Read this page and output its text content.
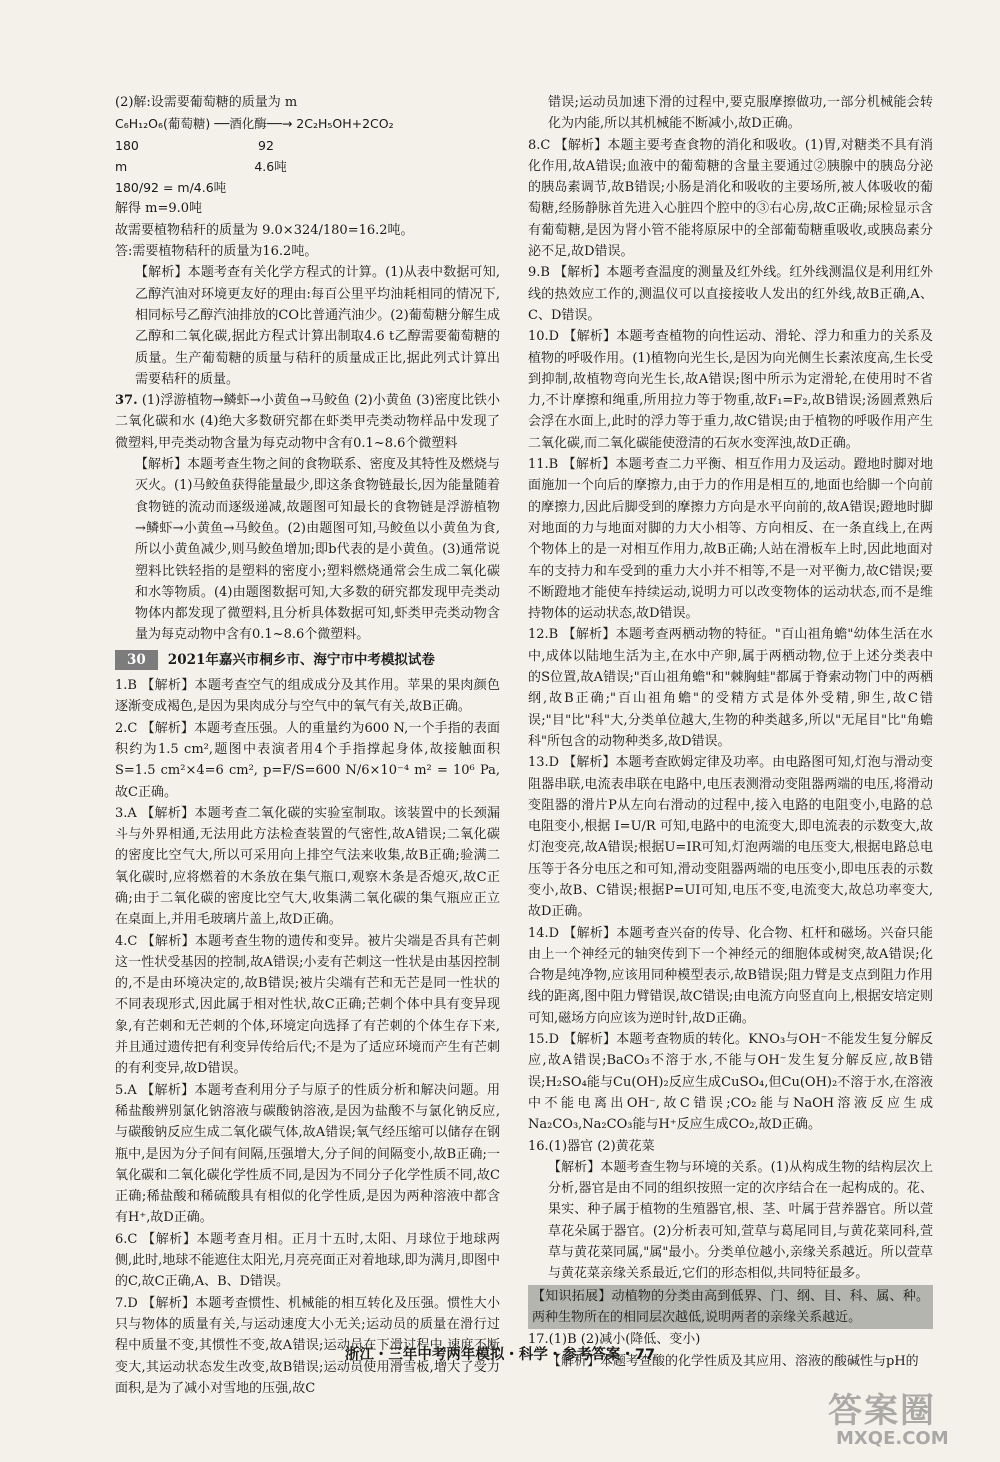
(2)解:设需要葡萄糖的质量为 m

C₆H₁₂O₆(葡萄糖) ──酒化酶──→ 2C₂H₅OH+2CO₂

180                              92

m                                4.6吨

180/92 = m/4.6吨

解得 m=9.0吨

故需要植物秸秆的质量为 9.0×324/180=16.2吨。

答:需要植物秸秆的质量为16.2吨。

【解析】本题考查有关化学方程式的计算。(1)从表中数据可知,乙醇汽油对环境更友好的理由:每百公里平均油耗相同的情况下,相同标号乙醇汽油排放的CO比普通汽油少。(2)葡萄糖分解生成乙醇和二氧化碳,据此方程式计算出制取4.6 t乙醇需要葡萄糖的质量。生产葡萄糖的质量与秸秆的质量成正比,据此列式计算出需要秸秆的质量。

37. (1)浮游植物→鳞虾→小黄鱼→马鲛鱼 (2)小黄鱼 (3)密度比铁小 二氧化碳和水 (4)绝大多数研究都在虾类甲壳类动物样品中发现了微塑料,甲壳类动物含量为每克动物中含有0.1~8.6个微塑料

【解析】本题考查生物之间的食物联系、密度及其特性及燃烧与灭火。(1)马鲛鱼获得能量最少,即这条食物链最长,因为能量随着食物链的流动而逐级递减,故题图可知最长的食物链是浮游植物→鳞虾→小黄鱼→马鲛鱼。(2)由题图可知,马鲛鱼以小黄鱼为食,所以小黄鱼减少,则马鲛鱼增加;即b代表的是小黄鱼。(3)通常说塑料比铁轻指的是塑料的密度小;塑料燃烧通常会生成二氧化碳和水等物质。(4)由题图数据可知,大多数的研究都发现甲壳类动物体内都发现了微塑料,且分析具体数据可知,虾类甲壳类动物含量为每克动物中含有0.1~8.6个微塑料。

30	2021年嘉兴市桐乡市、海宁市中考模拟试卷

1.B 【解析】本题考查空气的组成成分及其作用。苹果的果肉颜色逐渐变成褐色,是因为果肉成分与空气中的氧气有关,故B正确。

2.C 【解析】本题考查压强。人的重量约为600 N,一个手指的表面积约为1.5 cm²,题图中表演者用4个手指撑起身体,故接触面积 S=1.5 cm²×4=6 cm², p=F/S=600 N/6×10⁻⁴ m² = 10⁶ Pa,故C正确。

3.A 【解析】本题考查二氧化碳的实验室制取。该装置中的长颈漏斗与外界相通,无法用此方法检查装置的气密性,故A错误;二氧化碳的密度比空气大,所以可采用向上排空气法来收集,故B正确;验满二氧化碳时,应将燃着的木条放在集气瓶口,观察木条是否熄灭,故C正确;由于二氧化碳的密度比空气大,收集满二氧化碳的集气瓶应正立在桌面上,并用毛玻璃片盖上,故D正确。

4.C 【解析】本题考查生物的遗传和变异。被片尖端是否具有芒刺这一性状受基因的控制,故A错误;小麦有芒刺这一性状是由基因控制的,不是由环境决定的,故B错误;被片尖端有芒和无芒是同一性状的不同表现形式,因此属于相对性状,故C正确;芒刺个体中具有变异现象,有芒刺和无芒刺的个体,环境定向选择了有芒刺的个体生存下来,并且通过遗传把有利变异传给后代;不是为了适应环境而产生有芒刺的有利变异,故D错误。

5.A 【解析】本题考查利用分子与原子的性质分析和解决问题。用稀盐酸辨别氯化钠溶液与碳酸钠溶液,是因为盐酸不与氯化钠反应,与碳酸钠反应生成二氧化碳气体,故A错误;氧气经压缩可以储存在钢瓶中,是因为分子间有间隔,压强增大,分子间的间隔变小,故B正确;一氧化碳和二氧化碳化学性质不同,是因为不同分子化学性质不同,故C正确;稀盐酸和稀硫酸具有相似的化学性质,是因为两种溶液中都含有H⁺,故D正确。

6.C 【解析】本题考查月相。正月十五时,太阳、月球位于地球两侧,此时,地球不能遮住太阳光,月亮亮面正对着地球,即为满月,即图中的C,故C正确,A、B、D错误。

7.D 【解析】本题考查惯性、机械能的相互转化及压强。惯性大小只与物体的质量有关,与运动速度大小无关;运动员的质量在滑行过程中质量不变,其惯性不变,故A错误;运动员在下滑过程中,速度不断变大,其运动状态发生改变,故B错误;运动员使用滑雪板,增大了受力面积,是为了减小对雪地的压强,故C

错误;运动员加速下滑的过程中,要克服摩擦做功,一部分机械能会转化为内能,所以其机械能不断减小,故D正确。

8.C 【解析】本题主要考查食物的消化和吸收。(1)胃,对糖类不具有消化作用,故A错误;血液中的葡萄糖的含量主要通过②胰腺中的胰岛分泌的胰岛素调节,故B错误;小肠是消化和吸收的主要场所,被人体吸收的葡萄糖,经肠静脉首先进入心脏四个腔中的③右心房,故C正确;尿检显示含有葡萄糖,是因为肾小管不能将原尿中的全部葡萄糖重吸收,或胰岛素分泌不足,故D错误。

9.B 【解析】本题考查温度的测量及红外线。红外线测温仪是利用红外线的热效应工作的,测温仪可以直接接收人发出的红外线,故B正确,A、C、D错误。

10.D 【解析】本题考查植物的向性运动、滑轮、浮力和重力的关系及植物的呼吸作用。(1)植物向光生长,是因为向光侧生长素浓度高,生长受到抑制,故植物弯向光生长,故A错误;图中所示为定滑轮,在使用时不省力,不计摩擦和绳重,所用拉力等于物重,故F₁=F₂,故B错误;汤圆煮熟后会浮在水面上,此时的浮力等于重力,故C错误;由于植物的呼吸作用产生二氧化碳,而二氧化碳能使澄清的石灰水变浑浊,故D正确。

11.B 【解析】本题考查二力平衡、相互作用力及运动。蹬地时脚对地面施加一个向后的摩擦力,由于力的作用是相互的,地面也给脚一个向前的摩擦力,因此后脚受到的摩擦力方向是水平向前的,故A错误;蹬地时脚对地面的力与地面对脚的力大小相等、方向相反、在一条直线上,在两个物体上的是一对相互作用力,故B正确;人站在滑板车上时,因此地面对车的支持力和车受到的重力大小并不相等,不是一对平衡力,故C错误;要不断蹬地才能使车持续运动,说明力可以改变物体的运动状态,而不是维持物体的运动状态,故D错误。

12.B 【解析】本题考查两栖动物的特征。"百山祖角蟾"幼体生活在水中,成体以陆地生活为主,在水中产卵,属于两栖动物,位于上述分类表中的S位置,故A错误;"百山祖角蟾"和"棘胸蛙"都属于脊索动物门中的两栖纲,故B正确;"百山祖角蟾"的受精方式是体外受精,卵生,故C错误;"目"比"科"大,分类单位越大,生物的种类越多,所以"无尾目"比"角蟾科"所包含的动物种类多,故D错误。

13.D 【解析】本题考查欧姆定律及功率。由电路图可知,灯泡与滑动变阻器串联,电流表串联在电路中,电压表测滑动变阻器两端的电压,将滑动变阻器的滑片P从左向右滑动的过程中,接入电路的电阻变小,电路的总电阻变小,根据 I=U/R 可知,电路中的电流变大,即电流表的示数变大,故灯泡变亮,故A错误;根据U=IR可知,灯泡两端的电压变大,根据电路总电压等于各分电压之和可知,滑动变阻器两端的电压变小,即电压表的示数变小,故B、C错误;根据P=UI可知,电压不变,电流变大,故总功率变大,故D正确。

14.D 【解析】本题考查兴奋的传导、化合物、杠杆和磁场。兴奋只能由上一个神经元的轴突传到下一个神经元的细胞体或树突,故A错误;化合物是纯净物,应该用同种模型表示,故B错误;阻力臂是支点到阻力作用线的距离,图中阻力臂错误,故C错误;由电流方向竖直向上,根据安培定则可知,磁场方向应该为逆时针,故D正确。

15.D 【解析】本题考查物质的转化。KNO₃与OH⁻不能发生复分解反应,故A错误;BaCO₃不溶于水,不能与OH⁻发生复分解反应,故B错误;H₂SO₄能与Cu(OH)₂反应生成CuSO₄,但Cu(OH)₂不溶于水,在溶液中不能电离出OH⁻,故C错误;CO₂能与NaOH溶液反应生成Na₂CO₃,Na₂CO₃能与H⁺反应生成CO₂,故D正确。

16.(1)器官 (2)黄花菜

【解析】本题考查生物与环境的关系。(1)从构成生物的结构层次上分析,器官是由不同的组织按照一定的次序结合在一起构成的。花、果实、种子属于植物的生殖器官,根、茎、叶属于营养器官。所以萱草花朵属于器官。(2)分析表可知,萱草与葛尾同目,与黄花菜同科,萱草与黄花菜同属,"属"最小。分类单位越小,亲缘关系越近。所以萱草与黄花菜亲缘关系最近,它们的形态相似,共同特征最多。

【知识拓展】动植物的分类由高到低界、门、纲、目、科、属、种。两种生物所在的相同层次越低,说明两者的亲缘关系越近。

17.(1)B (2)减小(降低、变小)

【解析】本题考查酸的化学性质及其应用、溶液的酸碱性与pH的

浙江・三年中考两年模拟・科学・参考答案・77
答案圈
MXQE.COM
